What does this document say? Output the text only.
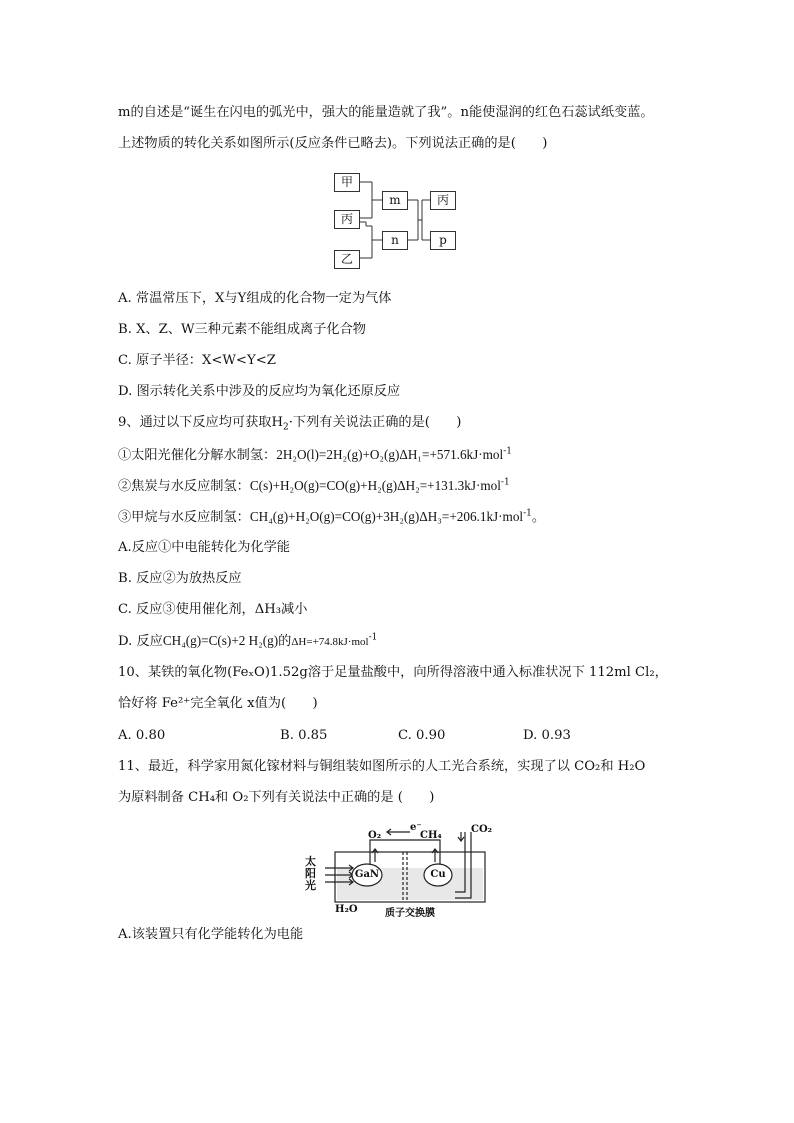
m的自述是“诞生在闪电的弧光中，强大的能量造就了我”。n能使湿润的红色石蕊试纸变蓝。
上述物质的转化关系如图所示(反应条件已略去)。下列说法正确的是(　　)
甲
丙
乙
m
n
丙
p
A. 常温常压下，X与Y组成的化合物一定为气体
B. X、Z、W三种元素不能组成离子化合物
C. 原子半径：X<W<Y<Z
D. 图示转化关系中涉及的反应均为氧化还原反应
9、通过以下反应均可获取$H_2\cdot$下列有关说法正确的是(　　)
①太阳光催化分解水制氢：2H₂O(l)=2H₂(g)+O₂(g)ΔH₁=+571.6kJ·mol$^{-1}$
②焦炭与水反应制氢：C(s)+H₂O(g)=CO(g)+H₂(g)ΔH₂=+131.3kJ·mol$^{-1}$
③甲烷与水反应制氢：CH₄(g)+H₂O(g)=CO(g)+3H₂(g)ΔH₃=+206.1kJ·mol$^{-1}$。
A.反应①中电能转化为化学能
B. 反应②为放热反应
C. 反应③使用催化剂，ΔH₃减小
D. 反应CH₄(g)=C(s)+2 H₂(g)的ΔH=+74.8kJ·mol$^{-1}$
10、某铁的氧化物(FeₓO)1.52g溶于足量盐酸中，向所得溶液中通入标准状况下 112ml Cl₂，
恰好将 Fe²⁺完全氧化 x值为(　　)
A. 0.80	B. 0.85	C. 0.90	D. 0.93
11、最近，科学家用氮化镓材料与铜组装如图所示的人工光合系统，实现了以 CO₂和 H₂O
为原料制备 CH₄和 O₂下列有关说法中正确的是 (　　)
太
阳
光
e⁻
O₂	CH₄
CO₂
GaN	Cu
H₂O	质子交换膜
A.该装置只有化学能转化为电能
